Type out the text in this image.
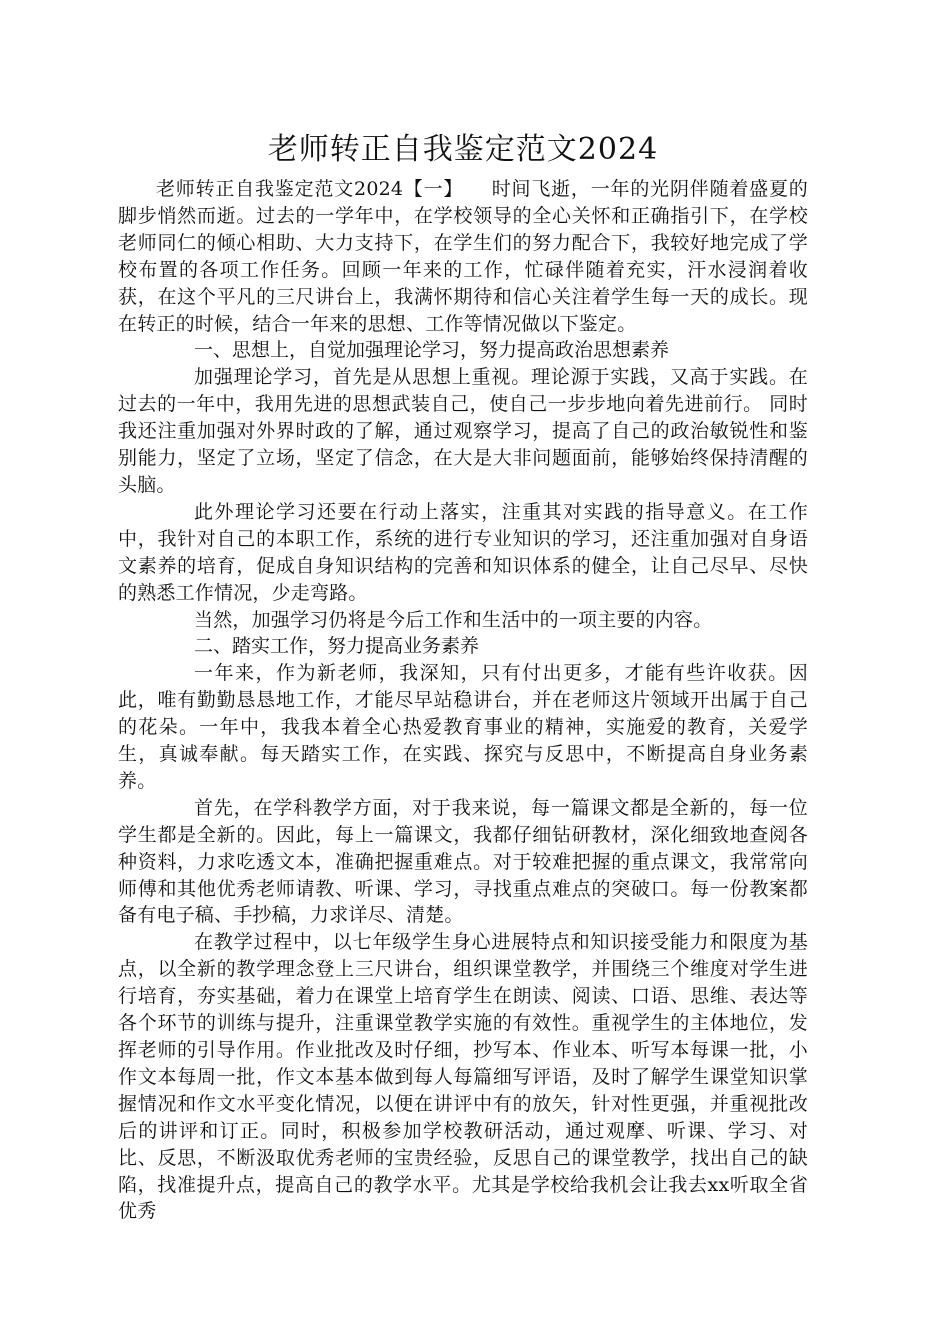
老师转正自我鉴定范文2024

老师转正自我鉴定范文2024【一】 时间飞逝，一年的光阴伴随着盛夏的脚步悄然而逝。过去的一学年中，在学校领导的全心关怀和正确指引下，在学校老师同仁的倾心相助、大力支持下，在学生们的努力配合下，我较好地完成了学校布置的各项工作任务。回顾一年来的工作，忙碌伴随着充实，汗水浸润着收获，在这个平凡的三尺讲台上，我满怀期待和信心关注着学生每一天的成长。现在转正的时候，结合一年来的思想、工作等情况做以下鉴定。

一、思想上，自觉加强理论学习，努力提高政治思想素养

加强理论学习，首先是从思想上重视。理论源于实践，又高于实践。在过去的一年中，我用先进的思想武装自己，使自己一步步地向着先进前行。 同时我还注重加强对外界时政的了解，通过观察学习，提高了自己的政治敏锐性和鉴别能力，坚定了立场，坚定了信念，在大是大非问题面前，能够始终保持清醒的头脑。

此外理论学习还要在行动上落实，注重其对实践的指导意义。在工作中，我针对自己的本职工作，系统的进行专业知识的学习，还注重加强对自身语文素养的培育，促成自身知识结构的完善和知识体系的健全，让自己尽早、尽快的熟悉工作情况，少走弯路。

当然，加强学习仍将是今后工作和生活中的一项主要的内容。

二、踏实工作，努力提高业务素养

一年来，作为新老师，我深知，只有付出更多，才能有些许收获。因此，唯有勤勤恳恳地工作，才能尽早站稳讲台，并在老师这片领域开出属于自己的花朵。一年中，我我本着全心热爱教育事业的精神，实施爱的教育，关爱学生，真诚奉献。每天踏实工作，在实践、探究与反思中，不断提高自身业务素养。

首先，在学科教学方面，对于我来说，每一篇课文都是全新的，每一位学生都是全新的。因此，每上一篇课文，我都仔细钻研教材，深化细致地查阅各种资料，力求吃透文本，准确把握重难点。对于较难把握的重点课文，我常常向师傅和其他优秀老师请教、听课、学习，寻找重点难点的突破口。每一份教案都备有电子稿、手抄稿，力求详尽、清楚。

在教学过程中，以七年级学生身心进展特点和知识接受能力和限度为基点，以全新的教学理念登上三尺讲台，组织课堂教学，并围绕三个维度对学生进行培育，夯实基础，着力在课堂上培育学生在朗读、阅读、口语、思维、表达等各个环节的训练与提升，注重课堂教学实施的有效性。重视学生的主体地位，发挥老师的引导作用。作业批改及时仔细，抄写本、作业本、听写本每课一批，小作文本每周一批，作文本基本做到每人每篇细写评语，及时了解学生课堂知识掌握情况和作文水平变化情况，以便在讲评中有的放矢，针对性更强，并重视批改后的讲评和订正。同时，积极参加学校教研活动，通过观摩、听课、学习、对比、反思，不断汲取优秀老师的宝贵经验，反思自己的课堂教学，找出自己的缺陷，找准提升点，提高自己的教学水平。尤其是学校给我机会让我去xx听取全省优秀
